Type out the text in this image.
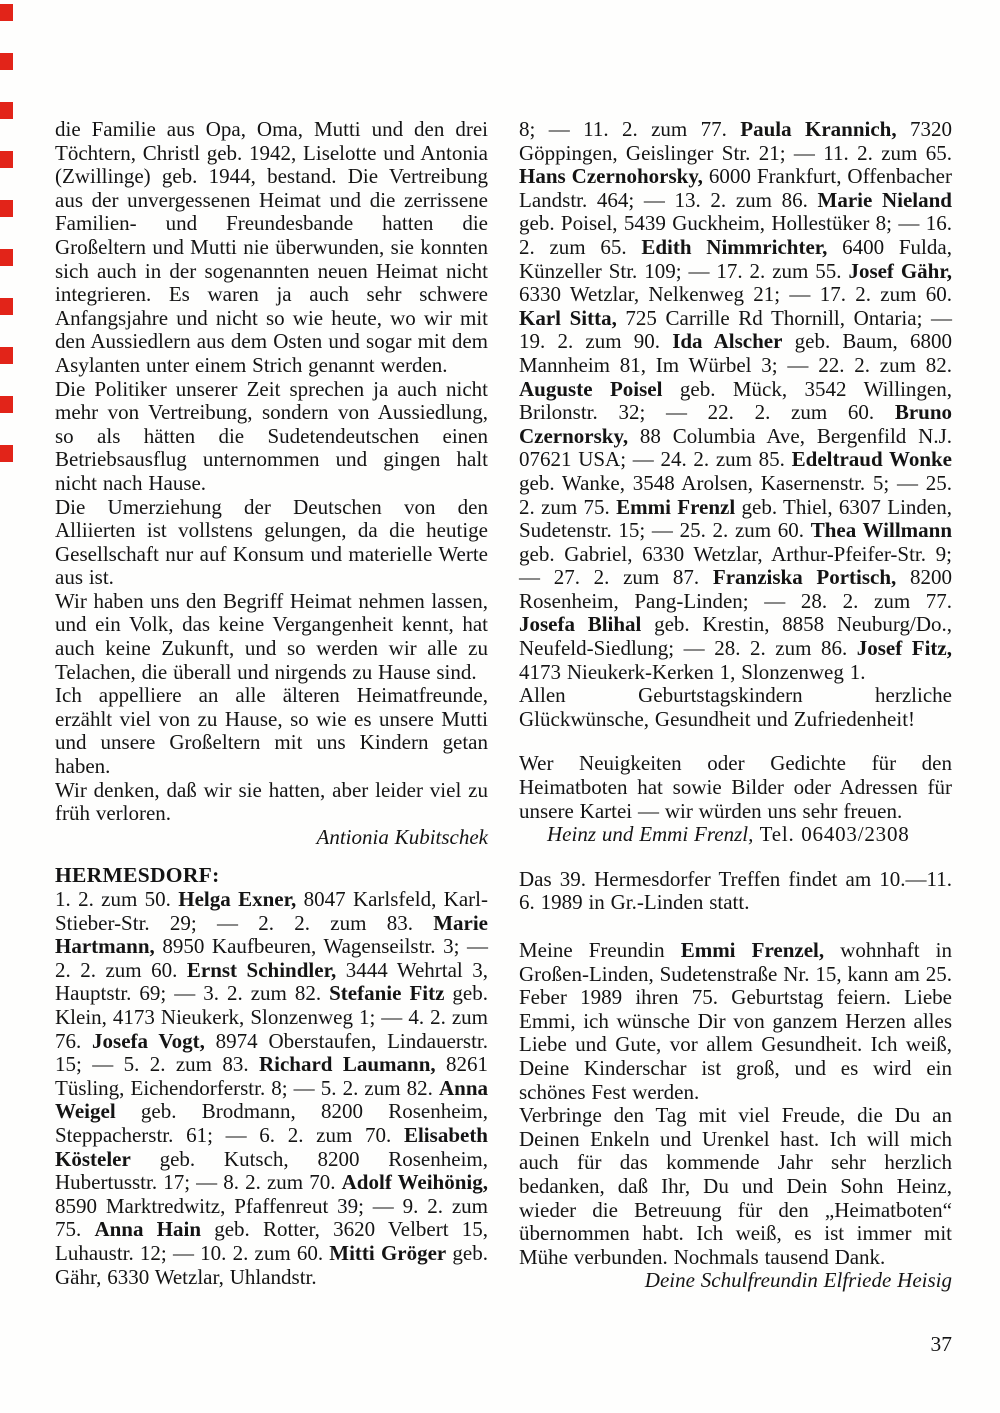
die Familie aus Opa, Oma, Mutti und den drei Töchtern, Christl geb. 1942, Liselotte und Antonia (Zwillinge) geb. 1944, bestand. Die Vertreibung aus der unvergessenen Heimat und die zerrissene Familien- und Freundesbande hatten die Großeltern und Mutti nie überwunden, sie konnten sich auch in der sogenannten neuen Heimat nicht integrieren. Es waren ja auch sehr schwere Anfangsjahre und nicht so wie heute, wo wir mit den Aussiedlern aus dem Osten und sogar mit dem Asylanten unter einem Strich genannt werden.

Die Politiker unserer Zeit sprechen ja auch nicht mehr von Vertreibung, sondern von Aussiedlung, so als hätten die Sudetendeutschen einen Betriebsausflug unternommen und gingen halt nicht nach Hause.

Die Umerziehung der Deutschen von den Alliierten ist vollstens gelungen, da die heutige Gesellschaft nur auf Konsum und materielle Werte aus ist.

Wir haben uns den Begriff Heimat nehmen lassen, und ein Volk, das keine Vergangenheit kennt, hat auch keine Zukunft, und so werden wir alle zu Telachen, die überall und nirgends zu Hause sind.

Ich appelliere an alle älteren Heimatfreunde, erzählt viel von zu Hause, so wie es unsere Mutti und unsere Großeltern mit uns Kindern getan haben.

Wir denken, daß wir sie hatten, aber leider viel zu früh verloren.

Antionia Kubitschek

HERMESDORF:

1. 2. zum 50. Helga Exner, 8047 Karlsfeld, Karl-Stieber-Str. 29; — 2. 2. zum 83. Marie Hartmann, 8950 Kaufbeuren, Wagenseilstr. 3; — 2. 2. zum 60. Ernst Schindler, 3444 Wehrtal 3, Hauptstr. 69; — 3. 2. zum 82. Stefanie Fitz geb. Klein, 4173 Nieukerk, Slonzenweg 1; — 4. 2. zum 76. Josefa Vogt, 8974 Oberstaufen, Lindauerstr. 15; — 5. 2. zum 83. Richard Laumann, 8261 Tüsling, Eichendorferstr. 8; — 5. 2. zum 82. Anna Weigel geb. Brodmann, 8200 Rosenheim, Steppacherstr. 61; — 6. 2. zum 70. Elisabeth Kösteler geb. Kutsch, 8200 Rosenheim, Hubertusstr. 17; — 8. 2. zum 70. Adolf Weihönig, 8590 Marktredwitz, Pfaffenreut 39; — 9. 2. zum 75. Anna Hain geb. Rotter, 3620 Velbert 15, Luhaustr. 12; — 10. 2. zum 60. Mitti Gröger geb. Gähr, 6330 Wetzlar, Uhlandstr.

8; — 11. 2. zum 77. Paula Krannich, 7320 Göppingen, Geislinger Str. 21; — 11. 2. zum 65. Hans Czernohorsky, 6000 Frankfurt, Offenbacher Landstr. 464; — 13. 2. zum 86. Marie Nieland geb. Poisel, 5439 Guckheim, Hollestüker 8; — 16. 2. zum 65. Edith Nimmrichter, 6400 Fulda, Künzeller Str. 109; — 17. 2. zum 55. Josef Gähr, 6330 Wetzlar, Nelkenweg 21; — 17. 2. zum 60. Karl Sitta, 725 Carrille Rd Thornill, Ontaria; — 19. 2. zum 90. Ida Alscher geb. Baum, 6800 Mannheim 81, Im Würbel 3; — 22. 2. zum 82. Auguste Poisel geb. Mück, 3542 Willingen, Brilonstr. 32; — 22. 2. zum 60. Bruno Czernorsky, 88 Columbia Ave, Bergenfild N.J. 07621 USA; — 24. 2. zum 85. Edeltraud Wonke geb. Wanke, 3548 Arolsen, Kasernenstr. 5; — 25. 2. zum 75. Emmi Frenzl geb. Thiel, 6307 Linden, Sudetenstr. 15; — 25. 2. zum 60. Thea Willmann geb. Gabriel, 6330 Wetzlar, Arthur-Pfeifer-Str. 9; — 27. 2. zum 87. Franziska Portisch, 8200 Rosenheim, Pang-Linden; — 28. 2. zum 77. Josefa Blihal geb. Krestin, 8858 Neuburg/Do., Neufeld-Siedlung; — 28. 2. zum 86. Josef Fitz, 4173 Nieukerk-Kerken 1, Slonzenweg 1.

Allen Geburtstagskindern herzliche Glückwünsche, Gesundheit und Zufriedenheit!

Wer Neuigkeiten oder Gedichte für den Heimatboten hat sowie Bilder oder Adressen für unsere Kartei — wir würden uns sehr freuen.

Heinz und Emmi Frenzl, Tel. 06403/2308

Das 39. Hermesdorfer Treffen findet am 10.—11. 6. 1989 in Gr.-Linden statt.

Meine Freundin Emmi Frenzel, wohnhaft in Großen-Linden, Sudetenstraße Nr. 15, kann am 25. Feber 1989 ihren 75. Geburtstag feiern. Liebe Emmi, ich wünsche Dir von ganzem Herzen alles Liebe und Gute, vor allem Gesundheit. Ich weiß, Deine Kinderschar ist groß, und es wird ein schönes Fest werden.

Verbringe den Tag mit viel Freude, die Du an Deinen Enkeln und Urenkel hast. Ich will mich auch für das kommende Jahr sehr herzlich bedanken, daß Ihr, Du und Dein Sohn Heinz, wieder die Betreuung für den „Heimatboten“ übernommen habt. Ich weiß, es ist immer mit Mühe verbunden. Nochmals tausend Dank.

Deine Schulfreundin Elfriede Heisig

37
